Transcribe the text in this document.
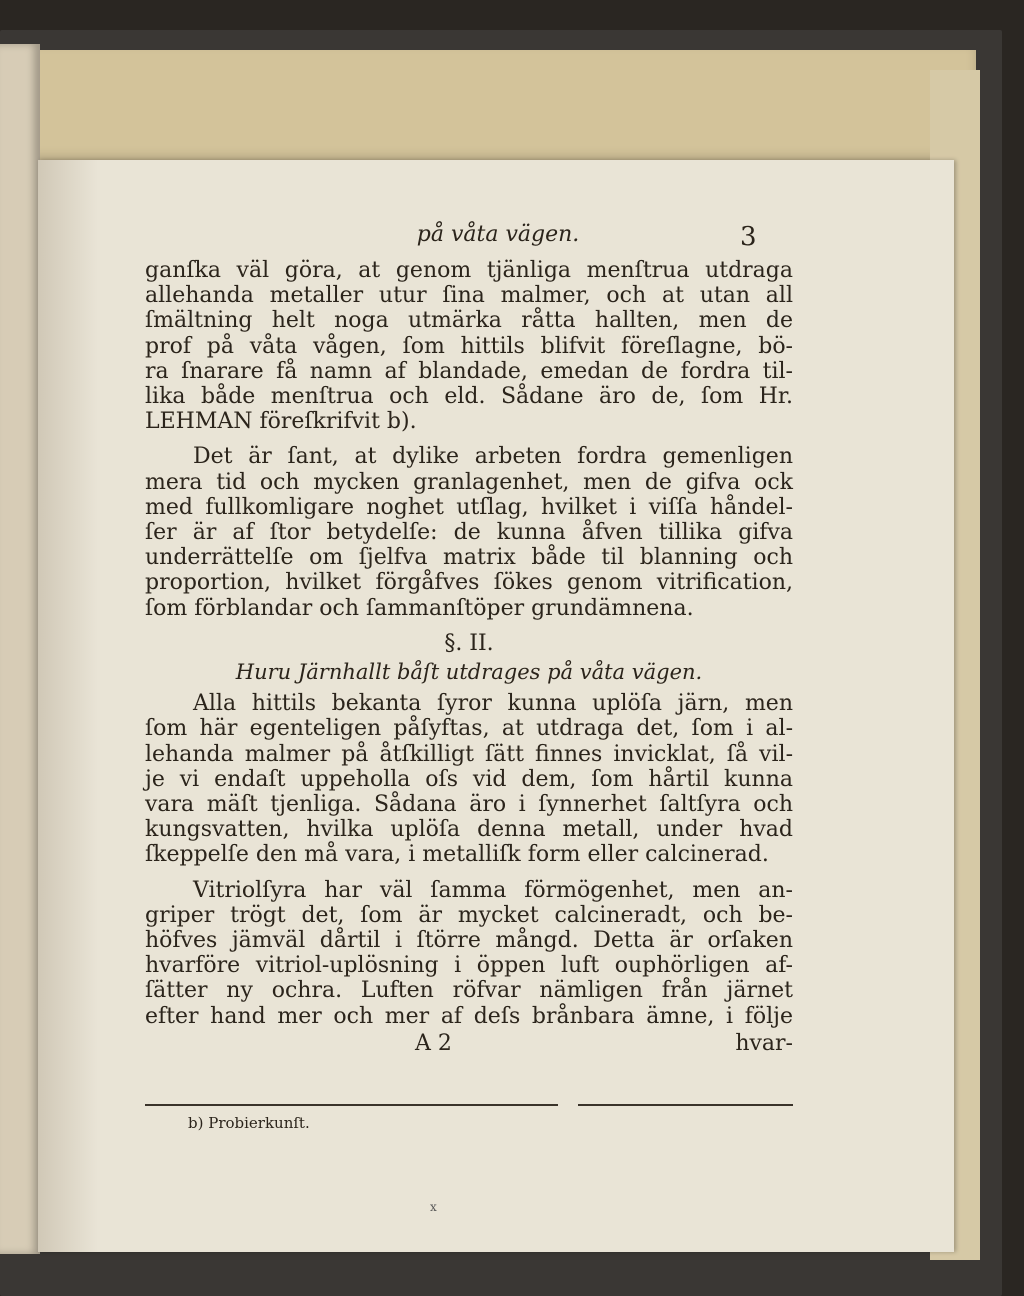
på våta vägen.	3
ganſka väl göra, at genom tjänliga menſtrua utdraga
allehanda metaller utur ſina malmer, och at utan all
ſmältning helt noga utmärka råtta hallten, men de
prof på våta vågen, ſom hittils blifvit föreſlagne, bö-
ra ſnarare få namn af blandade, emedan de fordra til-
lika både menſtrua och eld. Sådane äro de, ſom Hr.
LEHMAN föreſkrifvit b).
Det är ſant, at dylike arbeten fordra gemenligen
mera tid och mycken granlagenhet, men de gifva ock
med fullkomligare noghet utſlag, hvilket i viſſa håndel-
ſer är af ſtor betydelſe: de kunna åfven tillika gifva
underrättelſe om ſjelfva matrix både til blanning och
proportion, hvilket förgåfves ſökes genom vitrification,
ſom förblandar och ſammanſtöper grundämnena.
§. II.
Huru Järnhallt båſt utdrages på våta vägen.
Alla hittils bekanta ſyror kunna uplöſa järn, men
ſom här egenteligen påſyftas, at utdraga det, ſom i al-
lehanda malmer på åtſkilligt ſätt finnes invicklat, ſå vil-
je vi endaſt uppeholla oſs vid dem, ſom hårtil kunna
vara mäſt tjenliga. Sådana äro i ſynnerhet ſaltſyra och
kungsvatten, hvilka uplöſa denna metall, under hvad
ſkeppelſe den må vara, i metalliſk form eller calcinerad.
Vitriolſyra har väl ſamma förmögenhet, men an-
griper trögt det, ſom är mycket calcineradt, och be-
höfves jämväl dårtil i ſtörre mångd. Detta är orſaken
hvarföre vitriol-uplösning i öppen luft ouphörligen af-
ſätter ny ochra. Luften röfvar nämligen från järnet
efter hand mer och mer af deſs brånbara ämne, i följe
A 2	hvar-
b) Probierkunſt.
x
